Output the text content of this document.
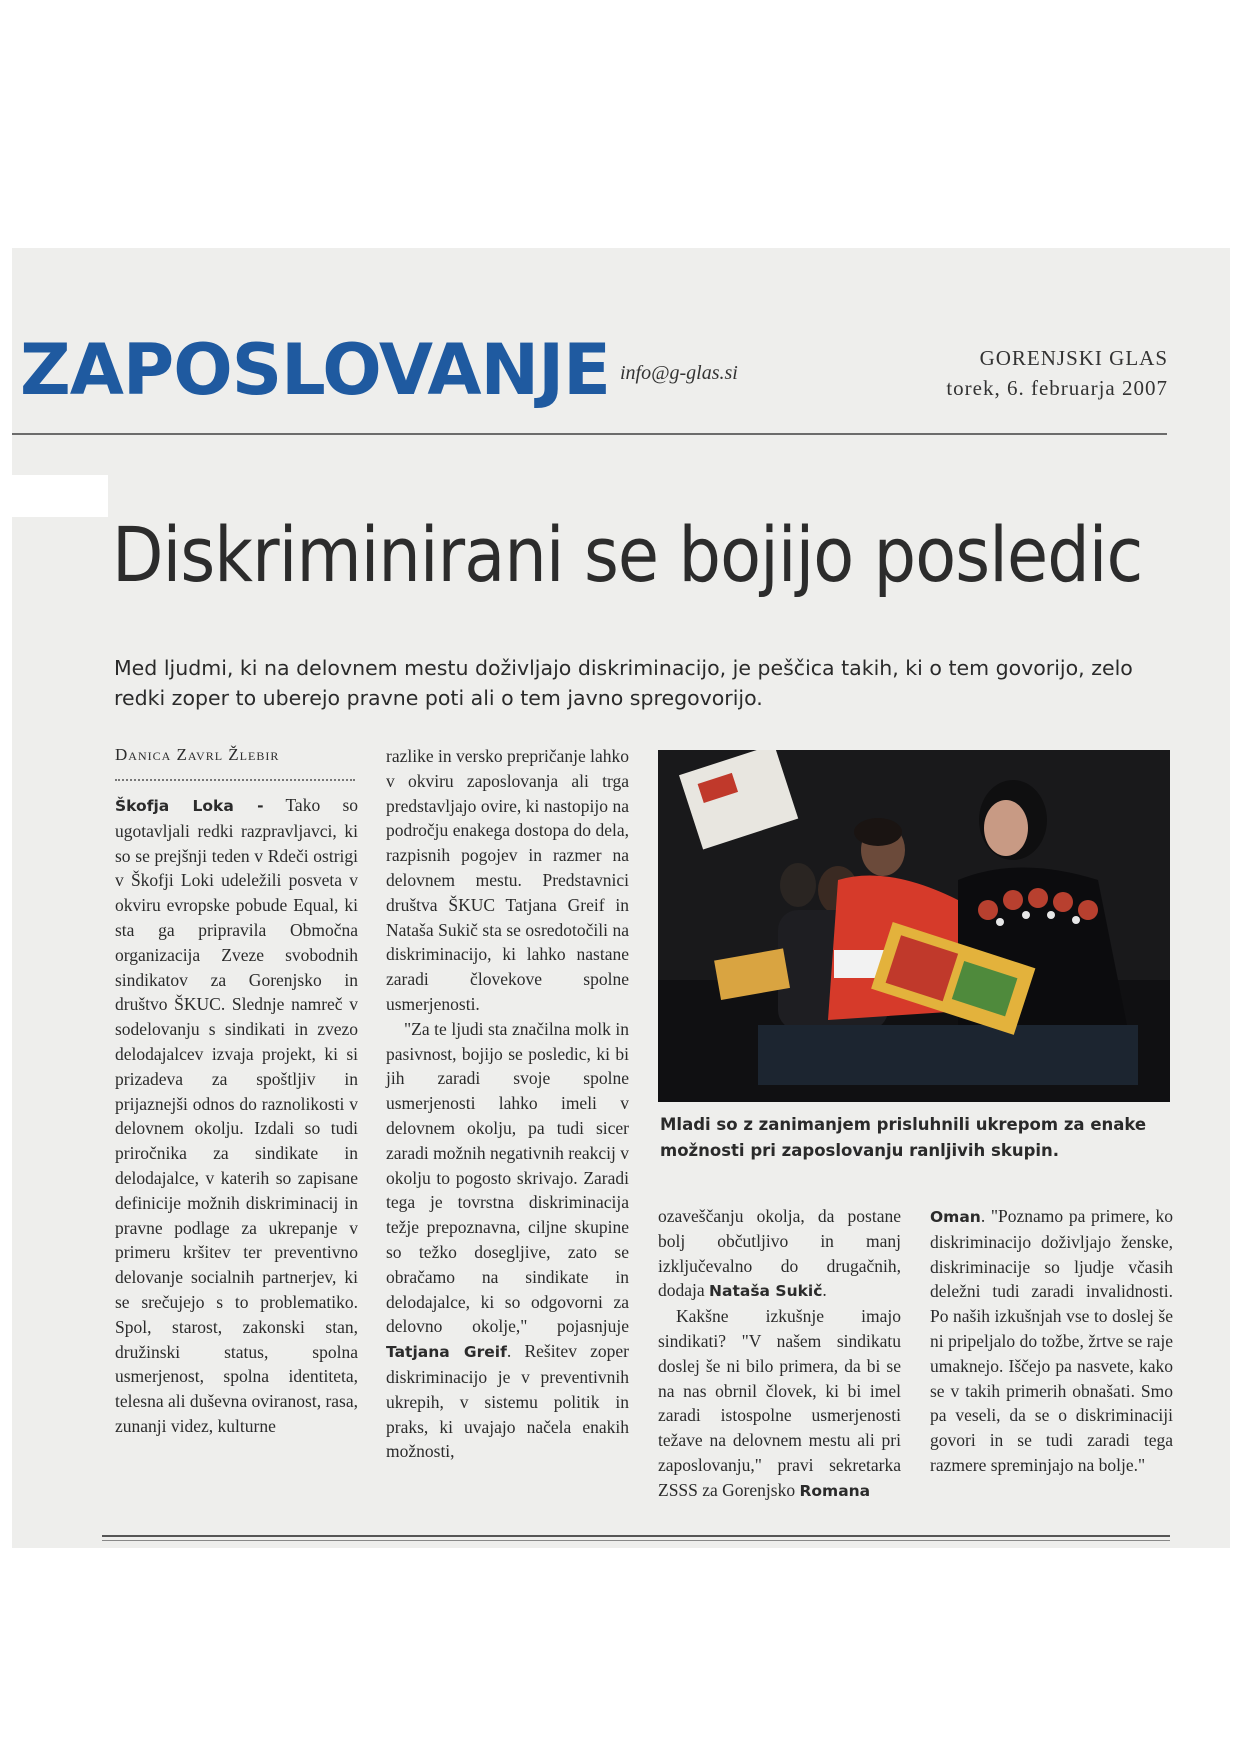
ZAPOSLOVANJE info@g-glas.si
GORENJSKI GLAS
torek, 6. februarja 2007
Diskriminirani se bojijo posledic
Med ljudmi, ki na delovnem mestu doživljajo diskriminacijo, je peščica takih, ki o tem govorijo, zelo redki zoper to uberejo pravne poti ali o tem javno spregovorijo.
Danica Zavrl Žlebir
Škofja Loka - Tako so ugotavljali redki razpravljavci, ki so se prejšnji teden v Rdeči ostrigi v Škofji Loki udeležili posveta v okviru evropske pobude Equal, ki sta ga pripravila Območna organizacija Zveze svobodnih sindikatov za Gorenjsko in društvo ŠKUC. Slednje namreč v sodelovanju s sindikati in zvezo delodajalcev izvaja projekt, ki si prizadeva za spoštljiv in prijaznejši odnos do raznolikosti v delovnem okolju. Izdali so tudi priročnika za sindikate in delodajalce, v katerih so zapisane definicije možnih diskriminacij in pravne podlage za ukrepanje v primeru kršitev ter preventivno delovanje socialnih partnerjev, ki se srečujejo s to problematiko. Spol, starost, zakonski stan, družinski status, spolna usmerjenost, spolna identiteta, telesna ali duševna oviranost, rasa, zunanji videz, kulturne
razlike in versko prepričanje lahko v okviru zaposlovanja ali trga predstavljajo ovire, ki nastopijo na področju enakega dostopa do dela, razpisnih pogojev in razmer na delovnem mestu. Predstavnici društva ŠKUC Tatjana Greif in Nataša Sukič sta se osredotočili na diskriminacijo, ki lahko nastane zaradi človekove spolne usmerjenosti.
"Za te ljudi sta značilna molk in pasivnost, bojijo se posledic, ki bi jih zaradi svoje spolne usmerjenosti lahko imeli v delovnem okolju, pa tudi sicer zaradi možnih negativnih reakcij v okolju to pogosto skrivajo. Zaradi tega je tovrstna diskriminacija težje prepoznavna, ciljne skupine so težko dosegljive, zato se obračamo na sindikate in delodajalce, ki so odgovorni za delovno okolje," pojasnjuje Tatjana Greif. Rešitev zoper diskriminacijo je v preventivnih ukrepih, v sistemu politik in praks, ki uvajajo načela enakih možnosti,
Mladi so z zanimanjem prisluhnili ukrepom za enake možnosti pri zaposlovanju ranljivih skupin.
ozaveščanju okolja, da postane bolj občutljivo in manj izključevalno do drugačnih, dodaja Nataša Sukič.
Kakšne izkušnje imajo sindikati? "V našem sindikatu doslej še ni bilo primera, da bi se na nas obrnil človek, ki bi imel zaradi istospolne usmerjenosti težave na delovnem mestu ali pri zaposlovanju," pravi sekretarka ZSSS za Gorenjsko Romana
Oman. "Poznamo pa primere, ko diskriminacijo doživljajo ženske, diskriminacije so ljudje včasih deležni tudi zaradi invalidnosti. Po naših izkušnjah vse to doslej še ni pripeljalo do tožbe, žrtve se raje umaknejo. Iščejo pa nasvete, kako se v takih primerih obnašati. Smo pa veseli, da se o diskriminaciji govori in se tudi zaradi tega razmere spreminjajo na bolje."
